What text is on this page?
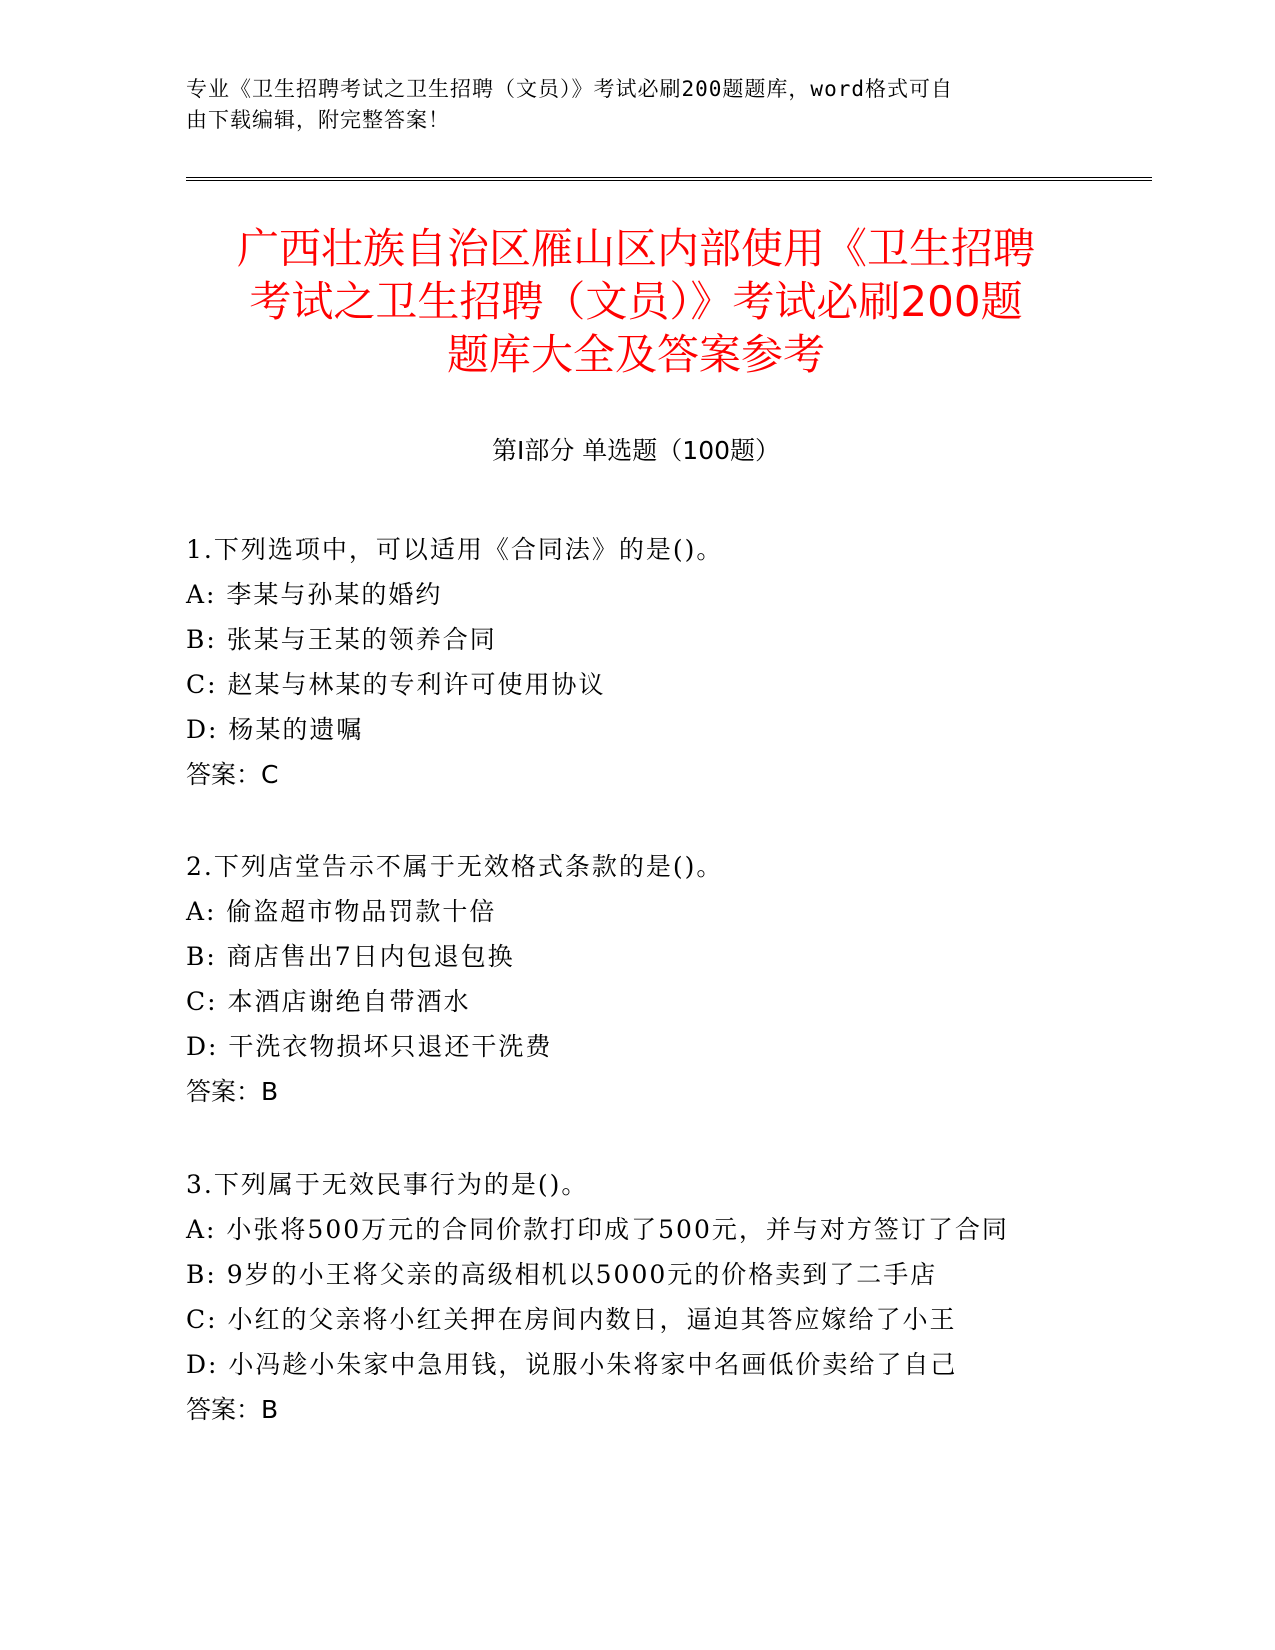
专业《卫生招聘考试之卫生招聘（文员）》考试必刷200题题库，word格式可自
由下载编辑，附完整答案！
广西壮族自治区雁山区内部使用《卫生招聘
考试之卫生招聘（文员）》考试必刷200题
题库大全及答案参考
第Ⅰ部分 单选题（100题）
1.下列选项中，可以适用《合同法》的是()。
A: 李某与孙某的婚约
B: 张某与王某的领养合同
C: 赵某与林某的专利许可使用协议
D: 杨某的遗嘱
答案：C
2.下列店堂告示不属于无效格式条款的是()。
A: 偷盗超市物品罚款十倍
B: 商店售出7日内包退包换
C: 本酒店谢绝自带酒水
D: 干洗衣物损坏只退还干洗费
答案：B
3.下列属于无效民事行为的是()。
A: 小张将500万元的合同价款打印成了500元，并与对方签订了合同
B: 9岁的小王将父亲的高级相机以5000元的价格卖到了二手店
C: 小红的父亲将小红关押在房间内数日，逼迫其答应嫁给了小王
D: 小冯趁小朱家中急用钱，说服小朱将家中名画低价卖给了自己
答案：B
